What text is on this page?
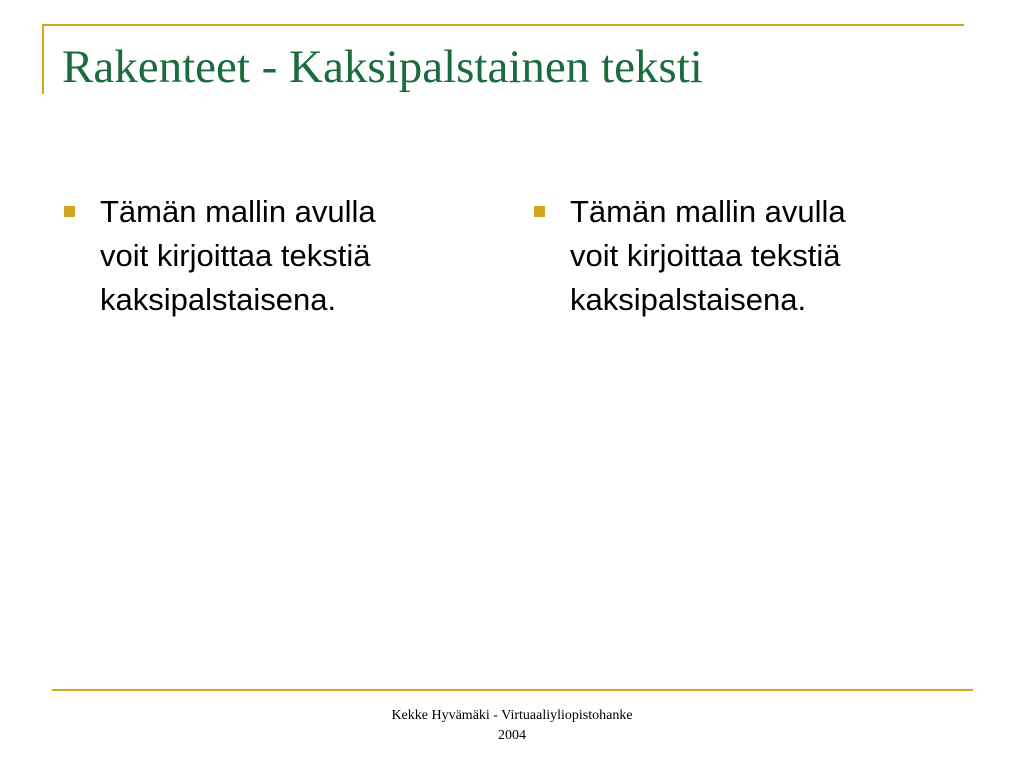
Rakenteet - Kaksipalstainen teksti
Tämän mallin avulla voit kirjoittaa tekstiä kaksipalstaisena.
Tämän mallin avulla voit kirjoittaa tekstiä kaksipalstaisena.
Kekke Hyvämäki - Virtuaaliyliopistohanke
2004
